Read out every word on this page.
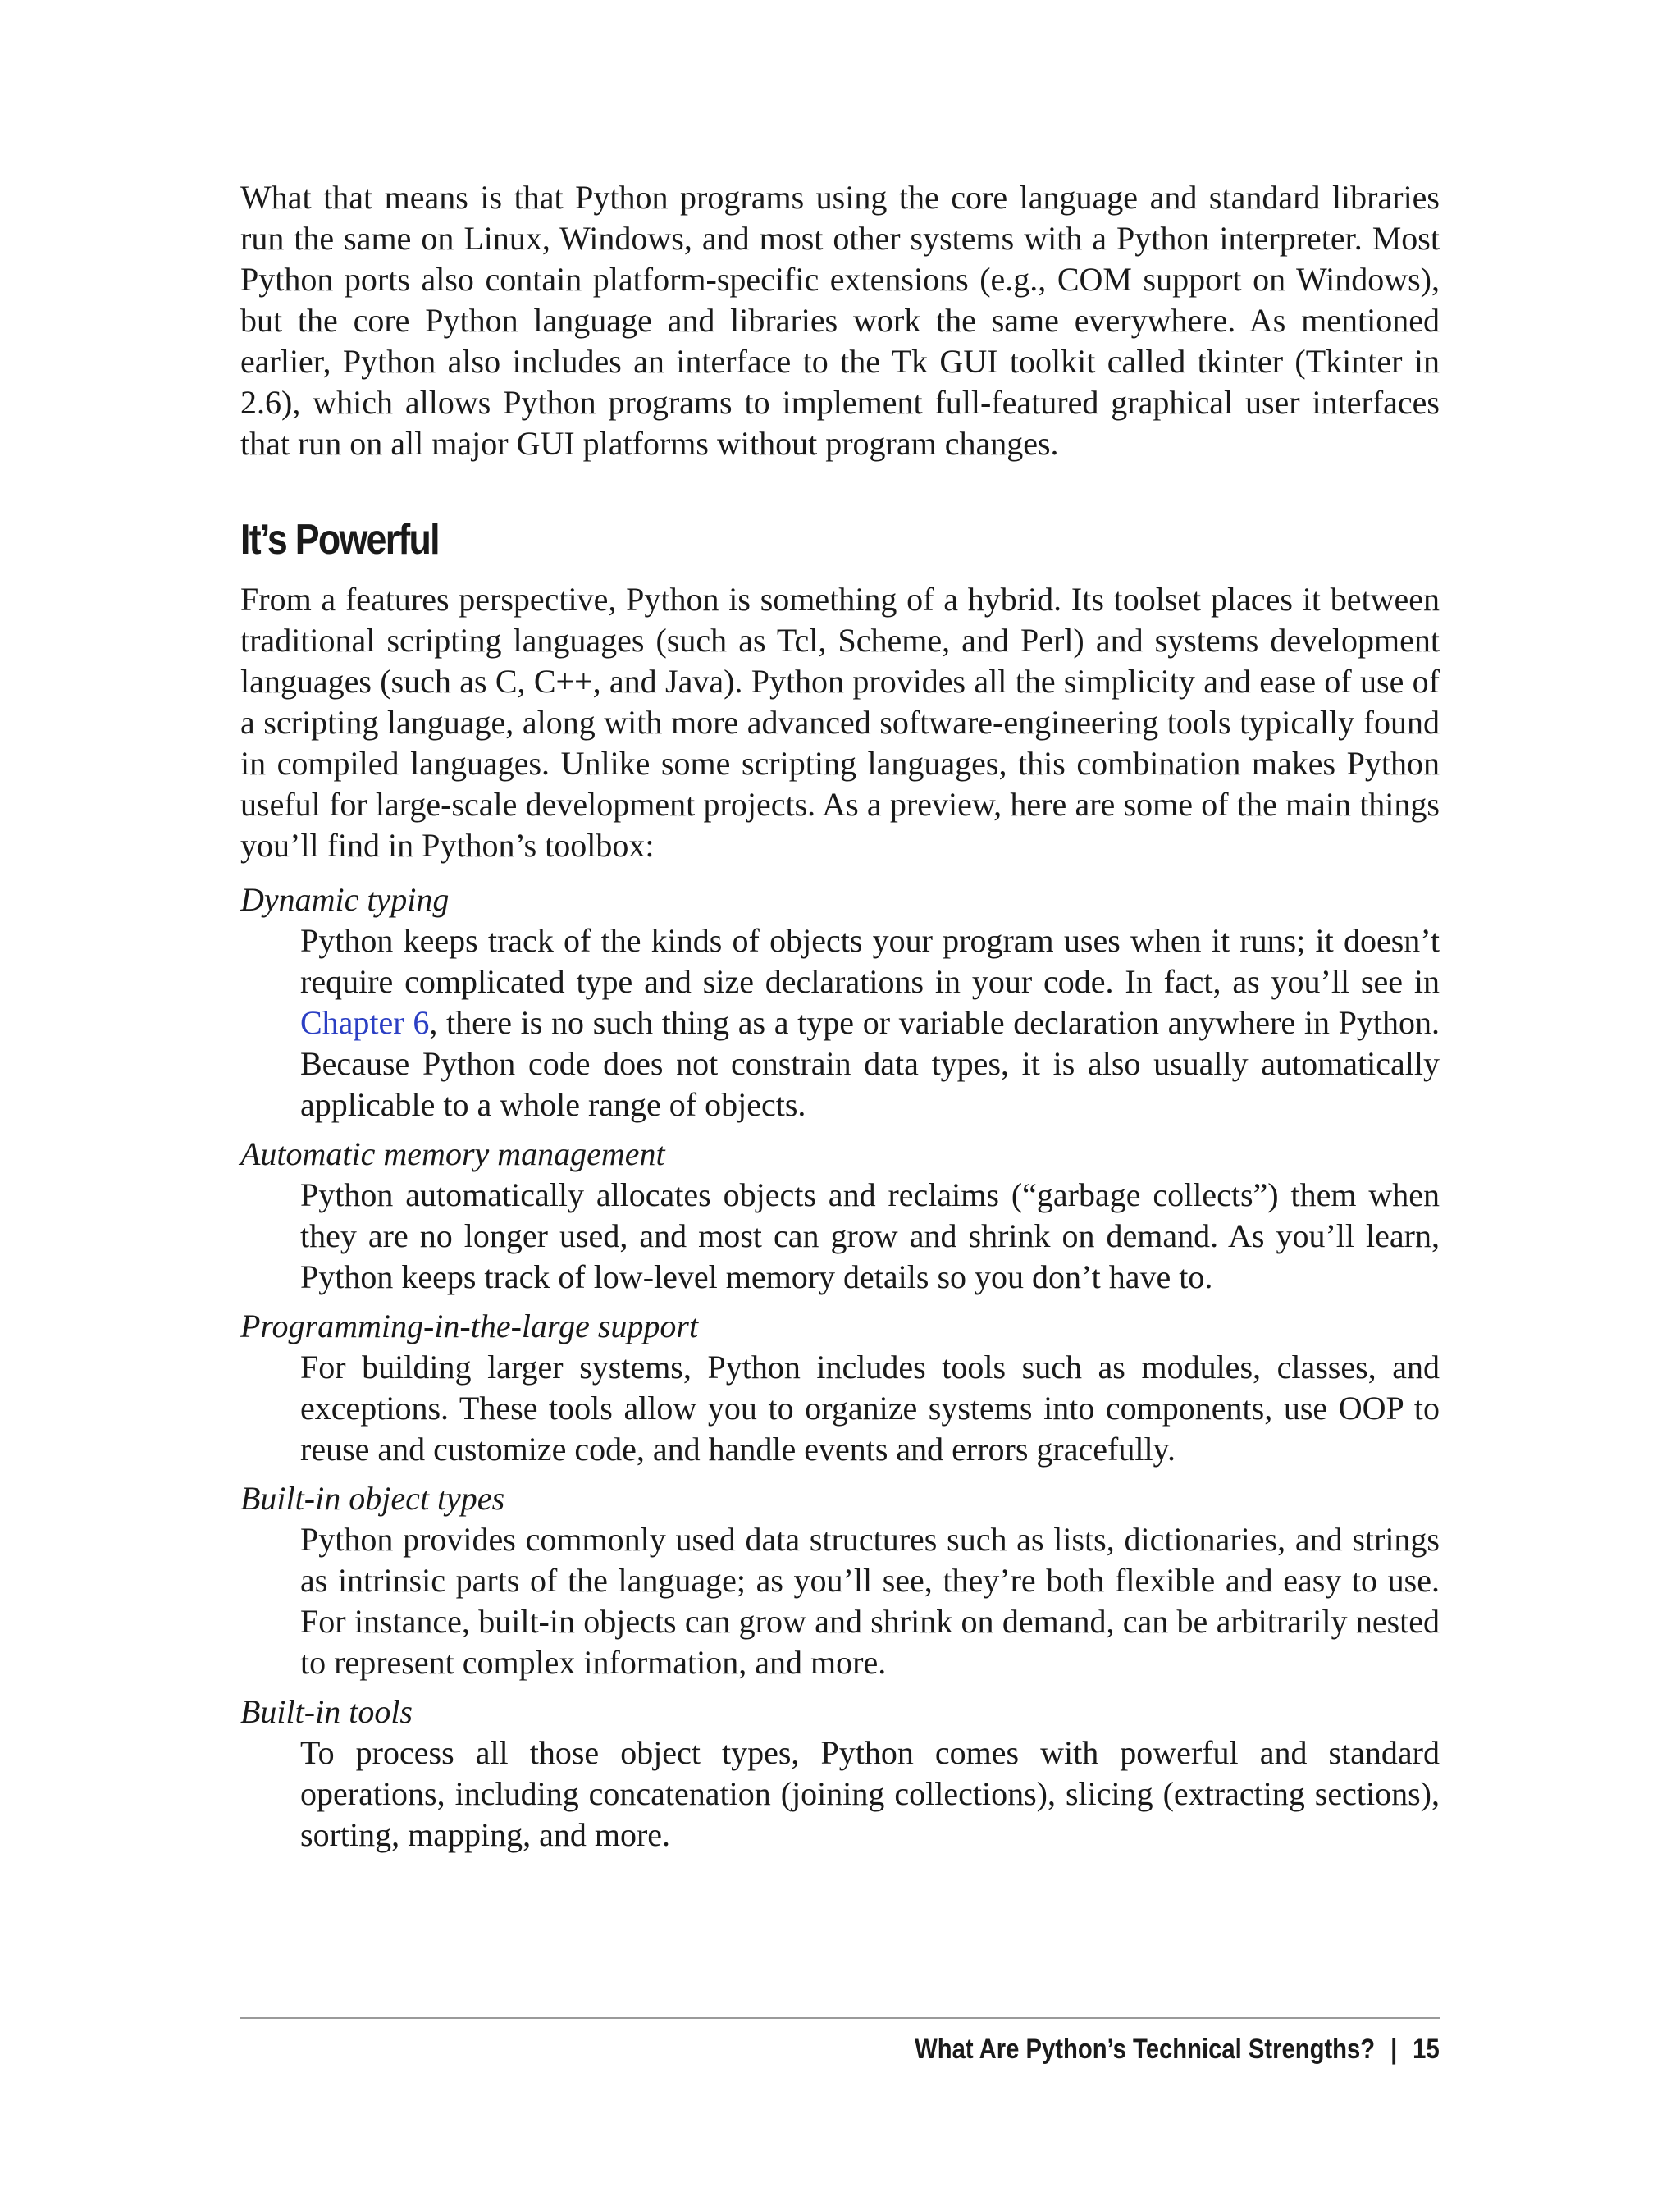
What that means is that Python programs using the core language and standard libraries run the same on Linux, Windows, and most other systems with a Python interpreter. Most Python ports also contain platform-specific extensions (e.g., COM support on Windows), but the core Python language and libraries work the same everywhere. As mentioned earlier, Python also includes an interface to the Tk GUI toolkit called tkinter (Tkinter in 2.6), which allows Python programs to implement full-featured graphical user interfaces that run on all major GUI platforms without program changes.

It’s Powerful

From a features perspective, Python is something of a hybrid. Its toolset places it between traditional scripting languages (such as Tcl, Scheme, and Perl) and systems development languages (such as C, C++, and Java). Python provides all the simplicity and ease of use of a scripting language, along with more advanced software-engineering tools typically found in compiled languages. Unlike some scripting languages, this combination makes Python useful for large-scale development projects. As a preview, here are some of the main things you’ll find in Python’s toolbox:

Dynamic typing
Python keeps track of the kinds of objects your program uses when it runs; it doesn’t require complicated type and size declarations in your code. In fact, as you’ll see in Chapter 6, there is no such thing as a type or variable declaration anywhere in Python. Because Python code does not constrain data types, it is also usually automatically applicable to a whole range of objects.
Automatic memory management
Python automatically allocates objects and reclaims (“garbage collects”) them when they are no longer used, and most can grow and shrink on demand. As you’ll learn, Python keeps track of low-level memory details so you don’t have to.
Programming-in-the-large support
For building larger systems, Python includes tools such as modules, classes, and exceptions. These tools allow you to organize systems into components, use OOP to reuse and customize code, and handle events and errors gracefully.
Built-in object types
Python provides commonly used data structures such as lists, dictionaries, and strings as intrinsic parts of the language; as you’ll see, they’re both flexible and easy to use. For instance, built-in objects can grow and shrink on demand, can be arbitrarily nested to represent complex information, and more.
Built-in tools
To process all those object types, Python comes with powerful and standard operations, including concatenation (joining collections), slicing (extracting sections), sorting, mapping, and more.
What Are Python’s Technical Strengths? | 15
